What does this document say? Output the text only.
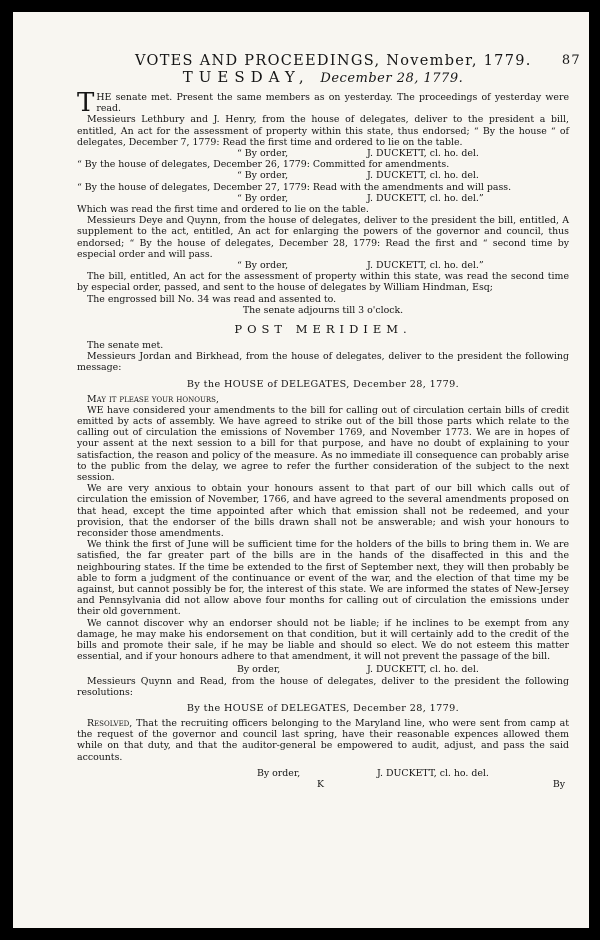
VOTES AND PROCEEDINGS, November, 1779. 87
TUESDAY, December 28, 1779.

THE senate met. Present the same members as on yesterday. The proceedings of yesterday were read.

Messieurs Lethbury and J. Henry, from the house of delegates, deliver to the president a bill, entitled, An act for the assessment of property within this state, thus endorsed; “ By the house “ of delegates, December 7, 1779: Read the first time and ordered to lie on the table.

“ By order,	J. DUCKETT, cl. ho. del.

“ By the house of delegates, December 26, 1779: Committed for amendments.

“ By order,	J. DUCKETT, cl. ho. del.

“ By the house of delegates, December 27, 1779: Read with the amendments and will pass.

“ By order,	J. DUCKETT, cl. ho. del.”

Which was read the first time and ordered to lie on the table.

Messieurs Deye and Quynn, from the house of delegates, deliver to the president the bill, entitled, A supplement to the act, entitled, An act for enlarging the powers of the governor and council, thus endorsed; “ By the house of delegates, December 28, 1779: Read the first and “ second time by especial order and will pass.

“ By order,	J. DUCKETT, cl. ho. del.”

The bill, entitled, An act for the assessment of property within this state, was read the second time by especial order, passed, and sent to the house of delegates by William Hindman, Esq;

The engrossed bill No. 34 was read and assented to.

The senate adjourns till 3 o'clock.

POST MERIDIEM.

The senate met.

Messieurs Jordan and Birkhead, from the house of delegates, deliver to the president the following message:

By the HOUSE of DELEGATES, December 28, 1779.

May it please your honours,

WE have considered your amendments to the bill for calling out of circulation certain bills of credit emitted by acts of assembly. We have agreed to strike out of the bill those parts which relate to the calling out of circulation the emissions of November 1769, and November 1773. We are in hopes of your assent at the next session to a bill for that purpose, and have no doubt of explaining to your satisfaction, the reason and policy of the measure. As no immediate ill consequence can probably arise to the public from the delay, we agree to refer the further consideration of the subject to the next session.

We are very anxious to obtain your honours assent to that part of our bill which calls out of circulation the emission of November, 1766, and have agreed to the several amendments proposed on that head, except the time appointed after which that emission shall not be redeemed, and your provision, that the endorser of the bills drawn shall not be answerable; and wish your honours to reconsider those amendments.

We think the first of June will be sufficient time for the holders of the bills to bring them in. We are satisfied, the far greater part of the bills are in the hands of the disaffected in this and the neighbouring states. If the time be extended to the first of September next, they will then probably be able to form a judgment of the continuance or event of the war, and the election of that time my be against, but cannot possibly be for, the interest of this state. We are informed the states of New-Jersey and Pennsylvania did not allow above four months for calling out of circulation the emissions under their old government.

We cannot discover why an endorser should not be liable; if he inclines to be exempt from any damage, he may make his endorsement on that condition, but it will certainly add to the credit of the bills and promote their sale, if he may be liable and should so elect. We do not esteem this matter essential, and if your honours adhere to that amendment, it will not prevent the passage of the bill.

By order,	J. DUCKETT, cl. ho. del.

Messieurs Quynn and Read, from the house of delegates, deliver to the president the following resolutions:

By the HOUSE of DELEGATES, December 28, 1779.

Resolved, That the recruiting officers belonging to the Maryland line, who were sent from camp at the request of the governor and council last spring, have their reasonable expences allowed them while on that duty, and that the auditor-general be empowered to audit, adjust, and pass the said accounts.

By order,	J. DUCKETT, cl. ho. del.
K	By
